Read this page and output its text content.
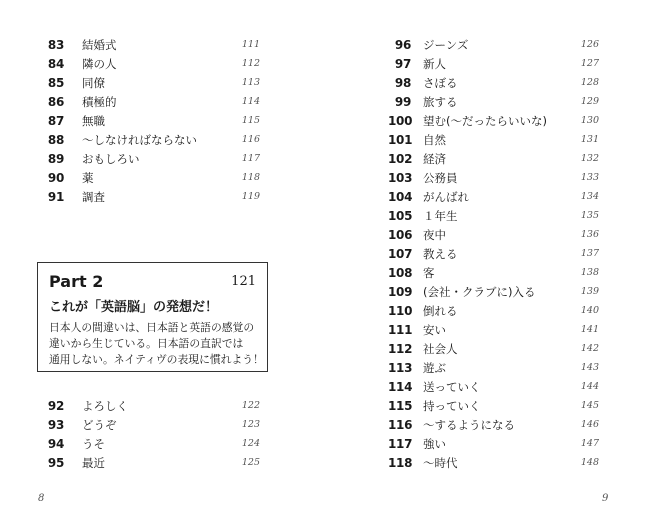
83 結婚式	111
84 隣の人	112
85 同僚	113
86 積極的	114
87 無職	115
88 〜しなければならない	116
89 おもしろい	117
90 薬	118
91 調査	119
Part 2	121
これが「英語脳」の発想だ！
日本人の間違いは、日本語と英語の感覚の
違いから生じている。日本語の直訳では
通用しない。ネイティヴの表現に慣れよう！
92 よろしく	122
93 どうぞ	123
94 うそ	124
95 最近	125
8
96 ジーンズ	126
97 新人	127
98 さぼる	128
99 旅する	129
100 望む(〜だったらいいな)	130
101 自然	131
102 経済	132
103 公務員	133
104 がんばれ	134
105 １年生	135
106 夜中	136
107 教える	137
108 客	138
109 (会社・クラブに)入る	139
110 倒れる	140
111 安い	141
112 社会人	142
113 遊ぶ	143
114 送っていく	144
115 持っていく	145
116 〜するようになる	146
117 強い	147
118 〜時代	148
9
